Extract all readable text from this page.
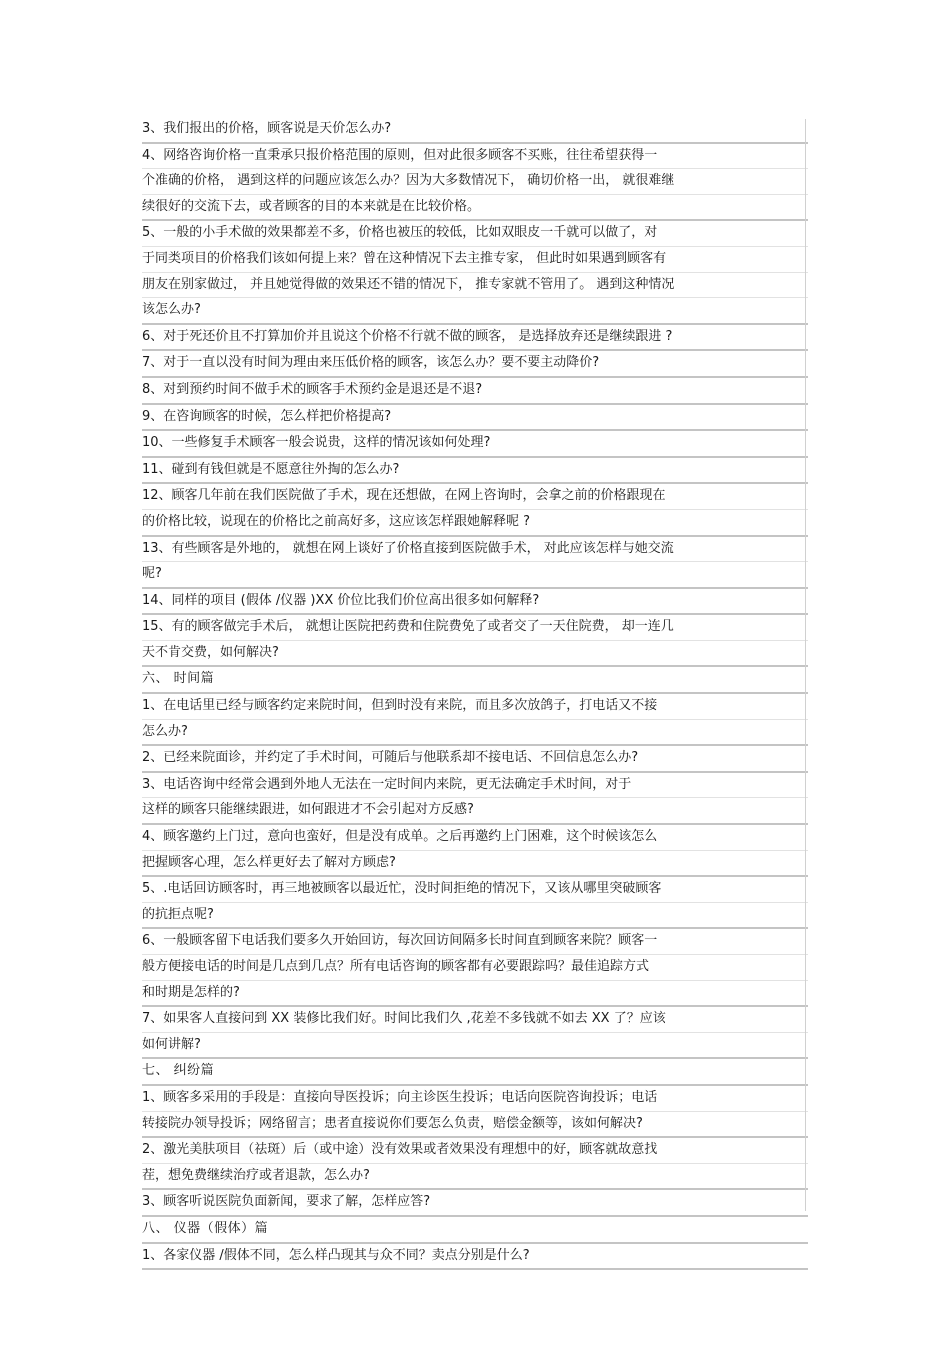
3、我们报出的价格，顾客说是天价怎么办?
4、网络咨询价格一直秉承只报价格范围的原则，但对此很多顾客不买账，往往希望获得一
个准确的价格， 遇到这样的问题应该怎么办？因为大多数情况下， 确切价格一出， 就很难继
续很好的交流下去，或者顾客的目的本来就是在比较价格。
5、一般的小手术做的效果都差不多，价格也被压的较低，比如双眼皮一千就可以做了，对
于同类项目的价格我们该如何提上来？曾在这种情况下去主推专家， 但此时如果遇到顾客有
朋友在别家做过， 并且她觉得做的效果还不错的情况下， 推专家就不管用了。 遇到这种情况
该怎么办?
6、对于死还价且不打算加价并且说这个价格不行就不做的顾客， 是选择放弃还是继续跟进 ?
7、对于一直以没有时间为理由来压低价格的顾客，该怎么办？要不要主动降价?
8、对到预约时间不做手术的顾客手术预约金是退还是不退?
9、在咨询顾客的时候，怎么样把价格提高?
10、一些修复手术顾客一般会说贵，这样的情况该如何处理?
11、碰到有钱但就是不愿意往外掏的怎么办?
12、顾客几年前在我们医院做了手术，现在还想做，在网上咨询时，会拿之前的价格跟现在
的价格比较，说现在的价格比之前高好多，这应该怎样跟她解释呢 ?
13、有些顾客是外地的， 就想在网上谈好了价格直接到医院做手术， 对此应该怎样与她交流
呢?
14、同样的项目 (假体 /仪器 )XX 价位比我们价位高出很多如何解释?
15、有的顾客做完手术后， 就想让医院把药费和住院费免了或者交了一天住院费， 却一连几
天不肯交费，如何解决?
六、 时间篇
1、在电话里已经与顾客约定来院时间，但到时没有来院，而且多次放鸽子，打电话又不接
怎么办?
2、已经来院面诊，并约定了手术时间，可随后与他联系却不接电话、不回信息怎么办?
3、电话咨询中经常会遇到外地人无法在一定时间内来院，更无法确定手术时间，对于
这样的顾客只能继续跟进，如何跟进才不会引起对方反感?
4、顾客邀约上门过，意向也蛮好，但是没有成单。之后再邀约上门困难，这个时候该怎么
把握顾客心理，怎么样更好去了解对方顾虑?
5、.电话回访顾客时，再三地被顾客以最近忙，没时间拒绝的情况下，又该从哪里突破顾客
的抗拒点呢?
6、一般顾客留下电话我们要多久开始回访，每次回访间隔多长时间直到顾客来院？顾客一
般方便接电话的时间是几点到几点？所有电话咨询的顾客都有必要跟踪吗？最佳追踪方式
和时期是怎样的?
7、如果客人直接问到 XX 装修比我们好。时间比我们久 ,花差不多钱就不如去 XX 了？应该
如何讲解?
七、 纠纷篇
1、顾客多采用的手段是：直接向导医投诉；向主诊医生投诉；电话向医院咨询投诉；电话
转接院办领导投诉；网络留言；患者直接说你们要怎么负责，赔偿金额等，该如何解决?
2、激光美肤项目（祛斑）后（或中途）没有效果或者效果没有理想中的好，顾客就故意找
茬，想免费继续治疗或者退款，怎么办?
3、顾客听说医院负面新闻，要求了解，怎样应答?
八、 仪器（假体）篇
1、各家仪器 /假体不同，怎么样凸现其与众不同？卖点分别是什么?
